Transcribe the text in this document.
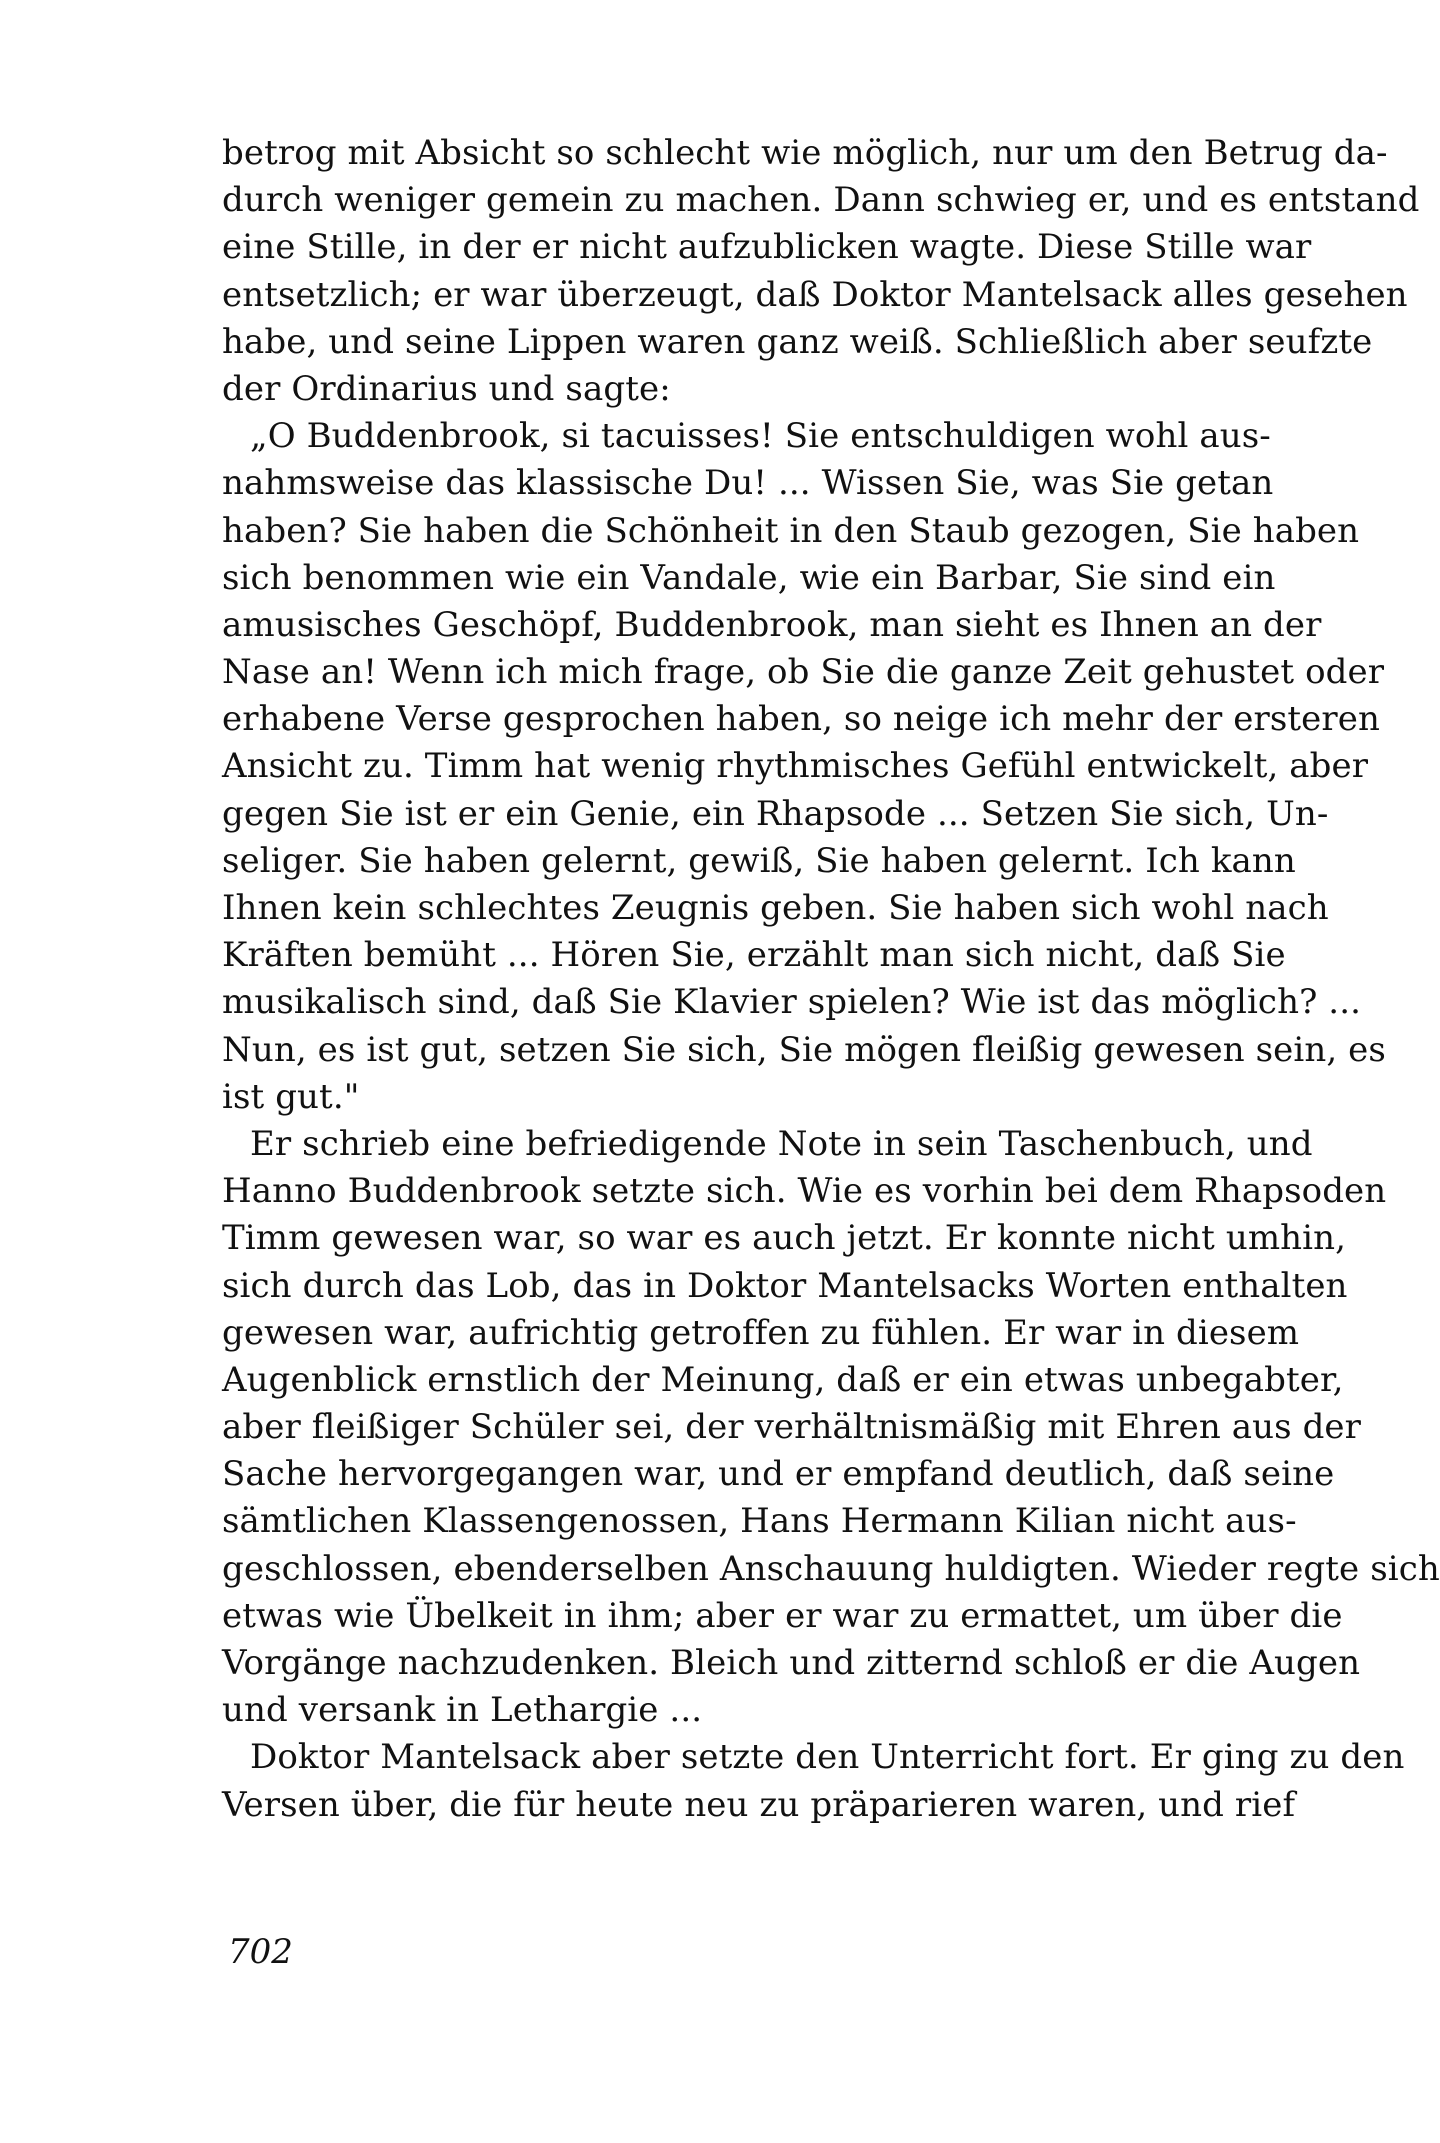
betrog mit Absicht so schlecht wie möglich, nur um den Betrug da-
durch weniger gemein zu machen. Dann schwieg er, und es entstand
eine Stille, in der er nicht aufzublicken wagte. Diese Stille war
entsetzlich; er war überzeugt, daß Doktor Mantelsack alles gesehen
habe, und seine Lippen waren ganz weiß. Schließlich aber seufzte
der Ordinarius und sagte:
„O Buddenbrook, si tacuisses! Sie entschuldigen wohl aus-
nahmsweise das klassische Du! ... Wissen Sie, was Sie getan
haben? Sie haben die Schönheit in den Staub gezogen, Sie haben
sich benommen wie ein Vandale, wie ein Barbar, Sie sind ein
amusisches Geschöpf, Buddenbrook, man sieht es Ihnen an der
Nase an! Wenn ich mich frage, ob Sie die ganze Zeit gehustet oder
erhabene Verse gesprochen haben, so neige ich mehr der ersteren
Ansicht zu. Timm hat wenig rhythmisches Gefühl entwickelt, aber
gegen Sie ist er ein Genie, ein Rhapsode ... Setzen Sie sich, Un-
seliger. Sie haben gelernt, gewiß, Sie haben gelernt. Ich kann
Ihnen kein schlechtes Zeugnis geben. Sie haben sich wohl nach
Kräften bemüht ... Hören Sie, erzählt man sich nicht, daß Sie
musikalisch sind, daß Sie Klavier spielen? Wie ist das möglich? ...
Nun, es ist gut, setzen Sie sich, Sie mögen fleißig gewesen sein, es
ist gut."
Er schrieb eine befriedigende Note in sein Taschenbuch, und
Hanno Buddenbrook setzte sich. Wie es vorhin bei dem Rhapsoden
Timm gewesen war, so war es auch jetzt. Er konnte nicht umhin,
sich durch das Lob, das in Doktor Mantelsacks Worten enthalten
gewesen war, aufrichtig getroffen zu fühlen. Er war in diesem
Augenblick ernstlich der Meinung, daß er ein etwas unbegabter,
aber fleißiger Schüler sei, der verhältnismäßig mit Ehren aus der
Sache hervorgegangen war, und er empfand deutlich, daß seine
sämtlichen Klassengenossen, Hans Hermann Kilian nicht aus-
geschlossen, ebenderselben Anschauung huldigten. Wieder regte sich
etwas wie Übelkeit in ihm; aber er war zu ermattet, um über die
Vorgänge nachzudenken. Bleich und zitternd schloß er die Augen
und versank in Lethargie ...
Doktor Mantelsack aber setzte den Unterricht fort. Er ging zu den
Versen über, die für heute neu zu präparieren waren, und rief
702
